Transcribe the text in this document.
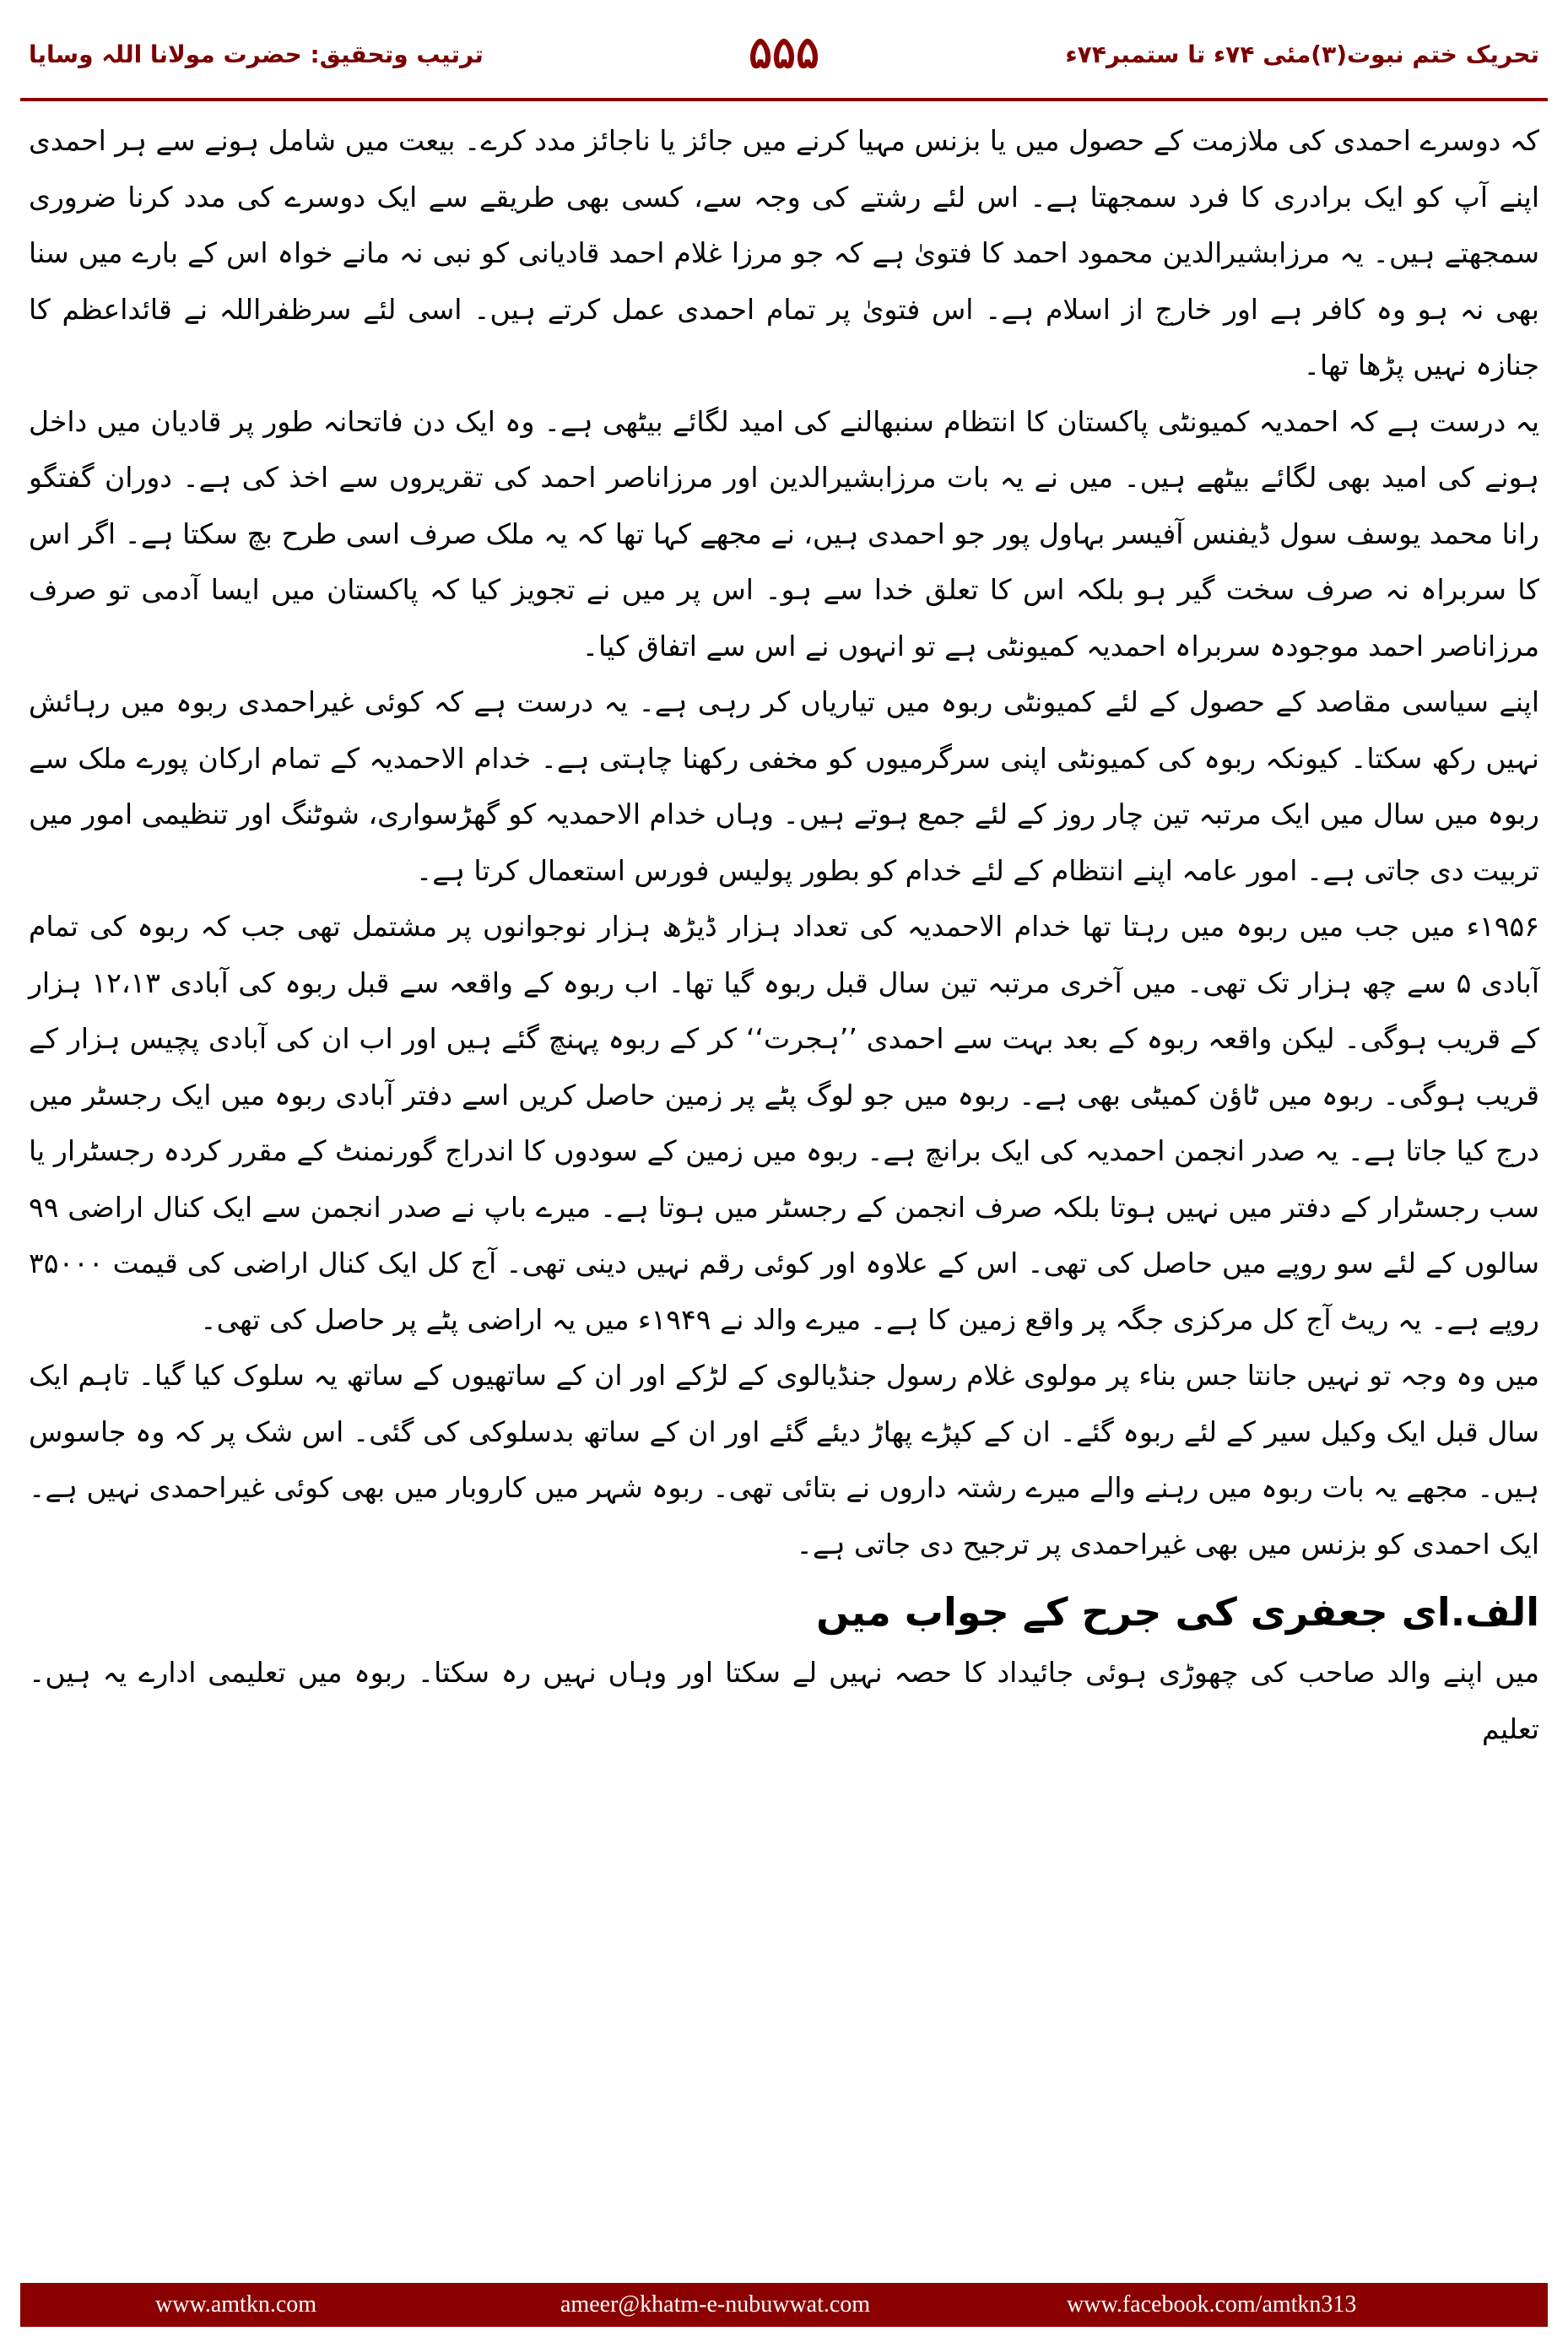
تحریک ختم نبوت(۳)مئی ۷۴ء تا ستمبر۷۴ء
۵۵۵
ترتیب وتحقیق: حضرت مولانا اللہ وسایا

کہ دوسرے احمدی کی ملازمت کے حصول میں یا بزنس مہیا کرنے میں جائز یا ناجائز مدد کرے۔ بیعت میں شامل ہونے سے ہر احمدی اپنے آپ کو ایک برادری کا فرد سمجھتا ہے۔ اس لئے رشتے کی وجہ سے، کسی بھی طریقے سے ایک دوسرے کی مدد کرنا ضروری سمجھتے ہیں۔ یہ مرزابشیرالدین محمود احمد کا فتویٰ ہے کہ جو مرزا غلام احمد قادیانی کو نبی نہ مانے خواہ اس کے بارے میں سنا بھی نہ ہو وہ کافر ہے اور خارج از اسلام ہے۔ اس فتویٰ پر تمام احمدی عمل کرتے ہیں۔ اسی لئے سرظفراللہ نے قائداعظم کا جنازہ نہیں پڑھا تھا۔

یہ درست ہے کہ احمدیہ کمیونٹی پاکستان کا انتظام سنبھالنے کی امید لگائے بیٹھی ہے۔ وہ ایک دن فاتحانہ طور پر قادیان میں داخل ہونے کی امید بھی لگائے بیٹھے ہیں۔ میں نے یہ بات مرزابشیرالدین اور مرزاناصر احمد کی تقریروں سے اخذ کی ہے۔ دوران گفتگو رانا محمد یوسف سول ڈیفنس آفیسر بہاول پور جو احمدی ہیں، نے مجھے کہا تھا کہ یہ ملک صرف اسی طرح بچ سکتا ہے۔ اگر اس کا سربراہ نہ صرف سخت گیر ہو بلکہ اس کا تعلق خدا سے ہو۔ اس پر میں نے تجویز کیا کہ پاکستان میں ایسا آدمی تو صرف مرزاناصر احمد موجودہ سربراہ احمدیہ کمیونٹی ہے تو انہوں نے اس سے اتفاق کیا۔

اپنے سیاسی مقاصد کے حصول کے لئے کمیونٹی ربوہ میں تیاریاں کر رہی ہے۔ یہ درست ہے کہ کوئی غیراحمدی ربوہ میں رہائش نہیں رکھ سکتا۔ کیونکہ ربوہ کی کمیونٹی اپنی سرگرمیوں کو مخفی رکھنا چاہتی ہے۔ خدام الاحمدیہ کے تمام ارکان پورے ملک سے ربوہ میں سال میں ایک مرتبہ تین چار روز کے لئے جمع ہوتے ہیں۔ وہاں خدام الاحمدیہ کو گھڑسواری، شوٹنگ اور تنظیمی امور میں تربیت دی جاتی ہے۔ امور عامہ اپنے انتظام کے لئے خدام کو بطور پولیس فورس استعمال کرتا ہے۔

۱۹۵۶ء میں جب میں ربوہ میں رہتا تھا خدام الاحمدیہ کی تعداد ہزار ڈیڑھ ہزار نوجوانوں پر مشتمل تھی جب کہ ربوہ کی تمام آبادی ۵ سے چھ ہزار تک تھی۔ میں آخری مرتبہ تین سال قبل ربوہ گیا تھا۔ اب ربوہ کے واقعہ سے قبل ربوہ کی آبادی ۱۲،۱۳ ہزار کے قریب ہوگی۔ لیکن واقعہ ربوہ کے بعد بہت سے احمدی ’’ہجرت‘‘ کر کے ربوہ پہنچ گئے ہیں اور اب ان کی آبادی پچیس ہزار کے قریب ہوگی۔ ربوہ میں ٹاؤن کمیٹی بھی ہے۔ ربوہ میں جو لوگ پٹے پر زمین حاصل کریں اسے دفتر آبادی ربوہ میں ایک رجسٹر میں درج کیا جاتا ہے۔ یہ صدر انجمن احمدیہ کی ایک برانچ ہے۔ ربوہ میں زمین کے سودوں کا اندراج گورنمنٹ کے مقرر کردہ رجسٹرار یا سب رجسٹرار کے دفتر میں نہیں ہوتا بلکہ صرف انجمن کے رجسٹر میں ہوتا ہے۔ میرے باپ نے صدر انجمن سے ایک کنال اراضی ۹۹ سالوں کے لئے سو روپے میں حاصل کی تھی۔ اس کے علاوہ اور کوئی رقم نہیں دینی تھی۔ آج کل ایک کنال اراضی کی قیمت ۳۵۰۰۰ روپے ہے۔ یہ ریٹ آج کل مرکزی جگہ پر واقع زمین کا ہے۔ میرے والد نے ۱۹۴۹ء میں یہ اراضی پٹے پر حاصل کی تھی۔

میں وہ وجہ تو نہیں جانتا جس بناء پر مولوی غلام رسول جنڈیالوی کے لڑکے اور ان کے ساتھیوں کے ساتھ یہ سلوک کیا گیا۔ تاہم ایک سال قبل ایک وکیل سیر کے لئے ربوہ گئے۔ ان کے کپڑے پھاڑ دیئے گئے اور ان کے ساتھ بدسلوکی کی گئی۔ اس شک پر کہ وہ جاسوس ہیں۔ مجھے یہ بات ربوہ میں رہنے والے میرے رشتہ داروں نے بتائی تھی۔ ربوہ شہر میں کاروبار میں بھی کوئی غیراحمدی نہیں ہے۔ ایک احمدی کو بزنس میں بھی غیراحمدی پر ترجیح دی جاتی ہے۔

الف.ای جعفری کی جرح کے جواب میں

میں اپنے والد صاحب کی چھوڑی ہوئی جائیداد کا حصہ نہیں لے سکتا اور وہاں نہیں رہ سکتا۔ ربوہ میں تعلیمی ادارے یہ ہیں۔ تعلیم

www.amtkn.com	ameer@khatm-e-nubuwwat.com	www.facebook.com/amtkn313
